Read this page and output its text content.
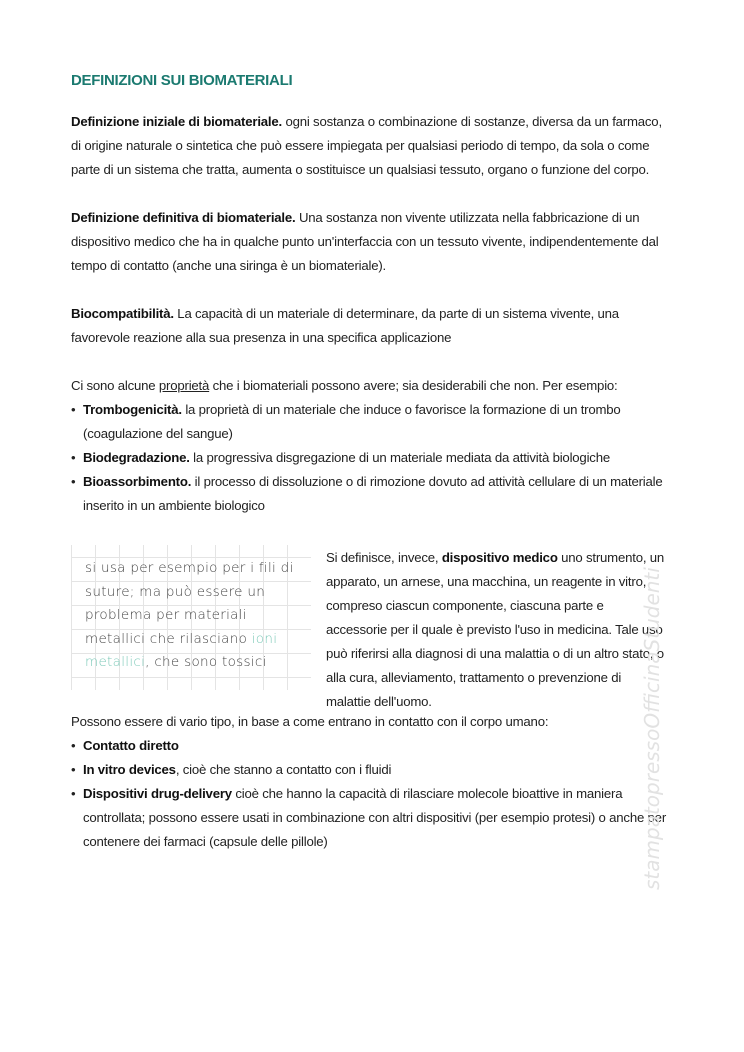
DEFINIZIONI SUI BIOMATERIALI

Definizione iniziale di biomateriale. ogni sostanza o combinazione di sostanze, diversa da un farmaco, di origine naturale o sintetica che può essere impiegata per qualsiasi periodo di tempo, da sola o come parte di un sistema che tratta, aumenta o sostituisce un qualsiasi tessuto, organo o funzione del corpo.

Definizione definitiva di biomateriale. Una sostanza non vivente utilizzata nella fabbricazione di un dispositivo medico che ha in qualche punto un'interfaccia con un tessuto vivente, indipendentemente dal tempo di contatto (anche una siringa è un biomateriale).

Biocompatibilità. La capacità di un materiale di determinare, da parte di un sistema vivente, una favorevole reazione alla sua presenza in una specifica applicazione

Ci sono alcune proprietà che i biomateriali possono avere; sia desiderabili che non. Per esempio:
• Trombogenicità. la proprietà di un materiale che induce o favorisce la formazione di un trombo (coagulazione del sangue)
• Biodegradazione. la progressiva disgregazione di un materiale mediata da attività biologiche
• Bioassorbimento. il processo di dissoluzione o di rimozione dovuto ad attività cellulare di un materiale inserito in un ambiente biologico
si usa per esempio per i fili di suture; ma può essere un problema per materiali metallici che rilasciano ioni metallici, che sono tossici

Si definisce, invece, dispositivo medico uno strumento, un apparato, un arnese, una macchina, un reagente in vitro, compreso ciascun componente, ciascuna parte e accessorie per il quale è previsto l'uso in medicina. Tale uso può riferirsi alla diagnosi di una malattia o di un altro stato, o alla cura, alleviamento, trattamento o prevenzione di malattie dell'uomo.

Possono essere di vario tipo, in base a come entrano in contatto con il corpo umano:
• Contatto diretto
• In vitro devices, cioè che stanno a contatto con i fluidi
• Dispositivi drug-delivery cioè che hanno la capacità di rilasciare molecole bioattive in maniera controllata; possono essere usati in combinazione con altri dispositivi (per esempio protesi) o anche per contenere dei farmaci (capsule delle pillole)	stampatopressoOfficinaStudenti
